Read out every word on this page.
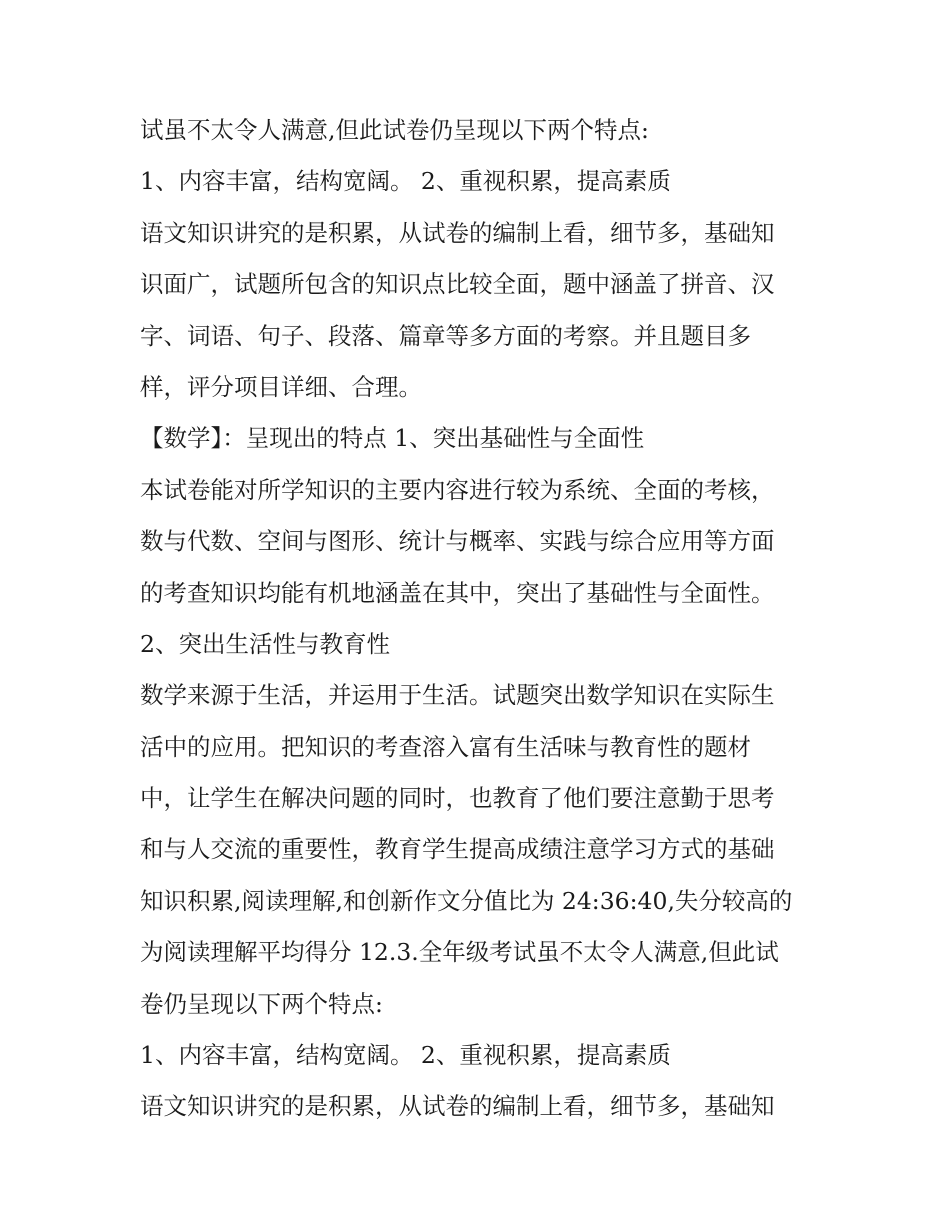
试虽不太令人满意,但此试卷仍呈现以下两个特点:
1、内容丰富，结构宽阔。 2、重视积累，提高素质
语文知识讲究的是积累，从试卷的编制上看，细节多，基础知
识面广，试题所包含的知识点比较全面，题中涵盖了拼音、汉
字、词语、句子、段落、篇章等多方面的考察。并且题目多
样，评分项目详细、合理。
【数学】：呈现出的特点 1、突出基础性与全面性
本试卷能对所学知识的主要内容进行较为系统、全面的考核，
数与代数、空间与图形、统计与概率、实践与综合应用等方面
的考查知识均能有机地涵盖在其中，突出了基础性与全面性。
2、突出生活性与教育性
数学来源于生活，并运用于生活。试题突出数学知识在实际生
活中的应用。把知识的考查溶入富有生活味与教育性的题材
中，让学生在解决问题的同时，也教育了他们要注意勤于思考
和与人交流的重要性，教育学生提高成绩注意学习方式的基础
知识积累,阅读理解,和创新作文分值比为 24:36:40,失分较高的
为阅读理解平均得分 12.3.全年级考试虽不太令人满意,但此试
卷仍呈现以下两个特点:
1、内容丰富，结构宽阔。 2、重视积累，提高素质
语文知识讲究的是积累，从试卷的编制上看，细节多，基础知
